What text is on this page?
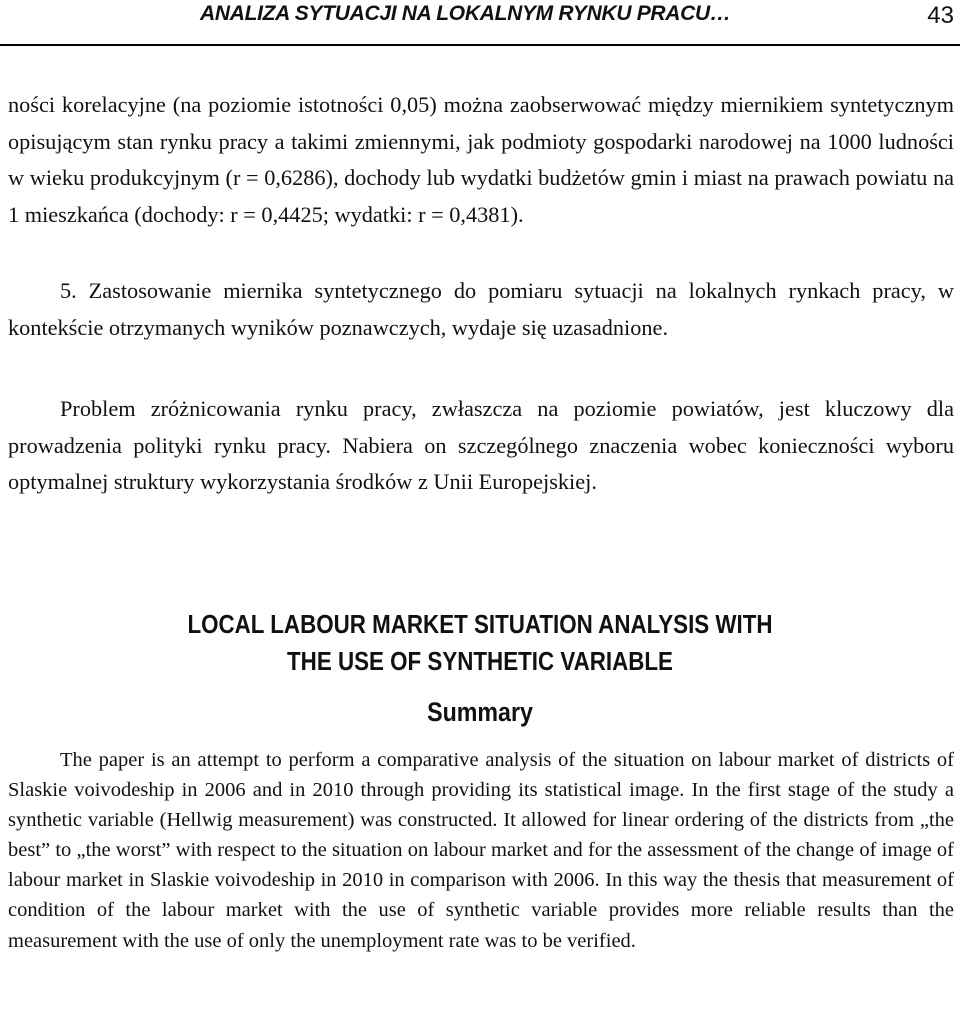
ANALIZA SYTUACJI NA LOKALNYM RYNKU PRACU…	43

ności korelacyjne (na poziomie istotności 0,05) można zaobserwować między miernikiem syntetycznym opisującym stan rynku pracy a takimi zmiennymi, jak podmioty gospodarki narodowej na 1000 ludności w wieku produkcyjnym (r = 0,6286), dochody lub wydatki budżetów gmin i miast na prawach powiatu na 1 mieszkańca (dochody: r = 0,4425; wydatki: r = 0,4381).

5. Zastosowanie miernika syntetycznego do pomiaru sytuacji na lokalnych rynkach pracy, w kontekście otrzymanych wyników poznawczych, wydaje się uzasadnione.

Problem zróżnicowania rynku pracy, zwłaszcza na poziomie powiatów, jest kluczowy dla prowadzenia polityki rynku pracy. Nabiera on szczególnego znaczenia wobec konieczności wyboru optymalnej struktury wykorzystania środków z Unii Europejskiej.

LOCAL LABOUR MARKET SITUATION ANALYSIS WITH
THE USE OF SYNTHETIC VARIABLE
Summary

The paper is an attempt to perform a comparative analysis of the situation on labour market of districts of Slaskie voivodeship in 2006 and in 2010 through providing its statistical image. In the first stage of the study a synthetic variable (Hellwig measurement) was constructed. It allowed for linear ordering of the districts from „the best” to „the worst” with respect to the situation on labour market and for the assessment of the change of image of labour market in Slaskie voivodeship in 2010 in comparison with 2006. In this way the thesis that measurement of condition of the labour market with the use of synthetic variable provides more reliable results than the measurement with the use of only the unemployment rate was to be verified.
